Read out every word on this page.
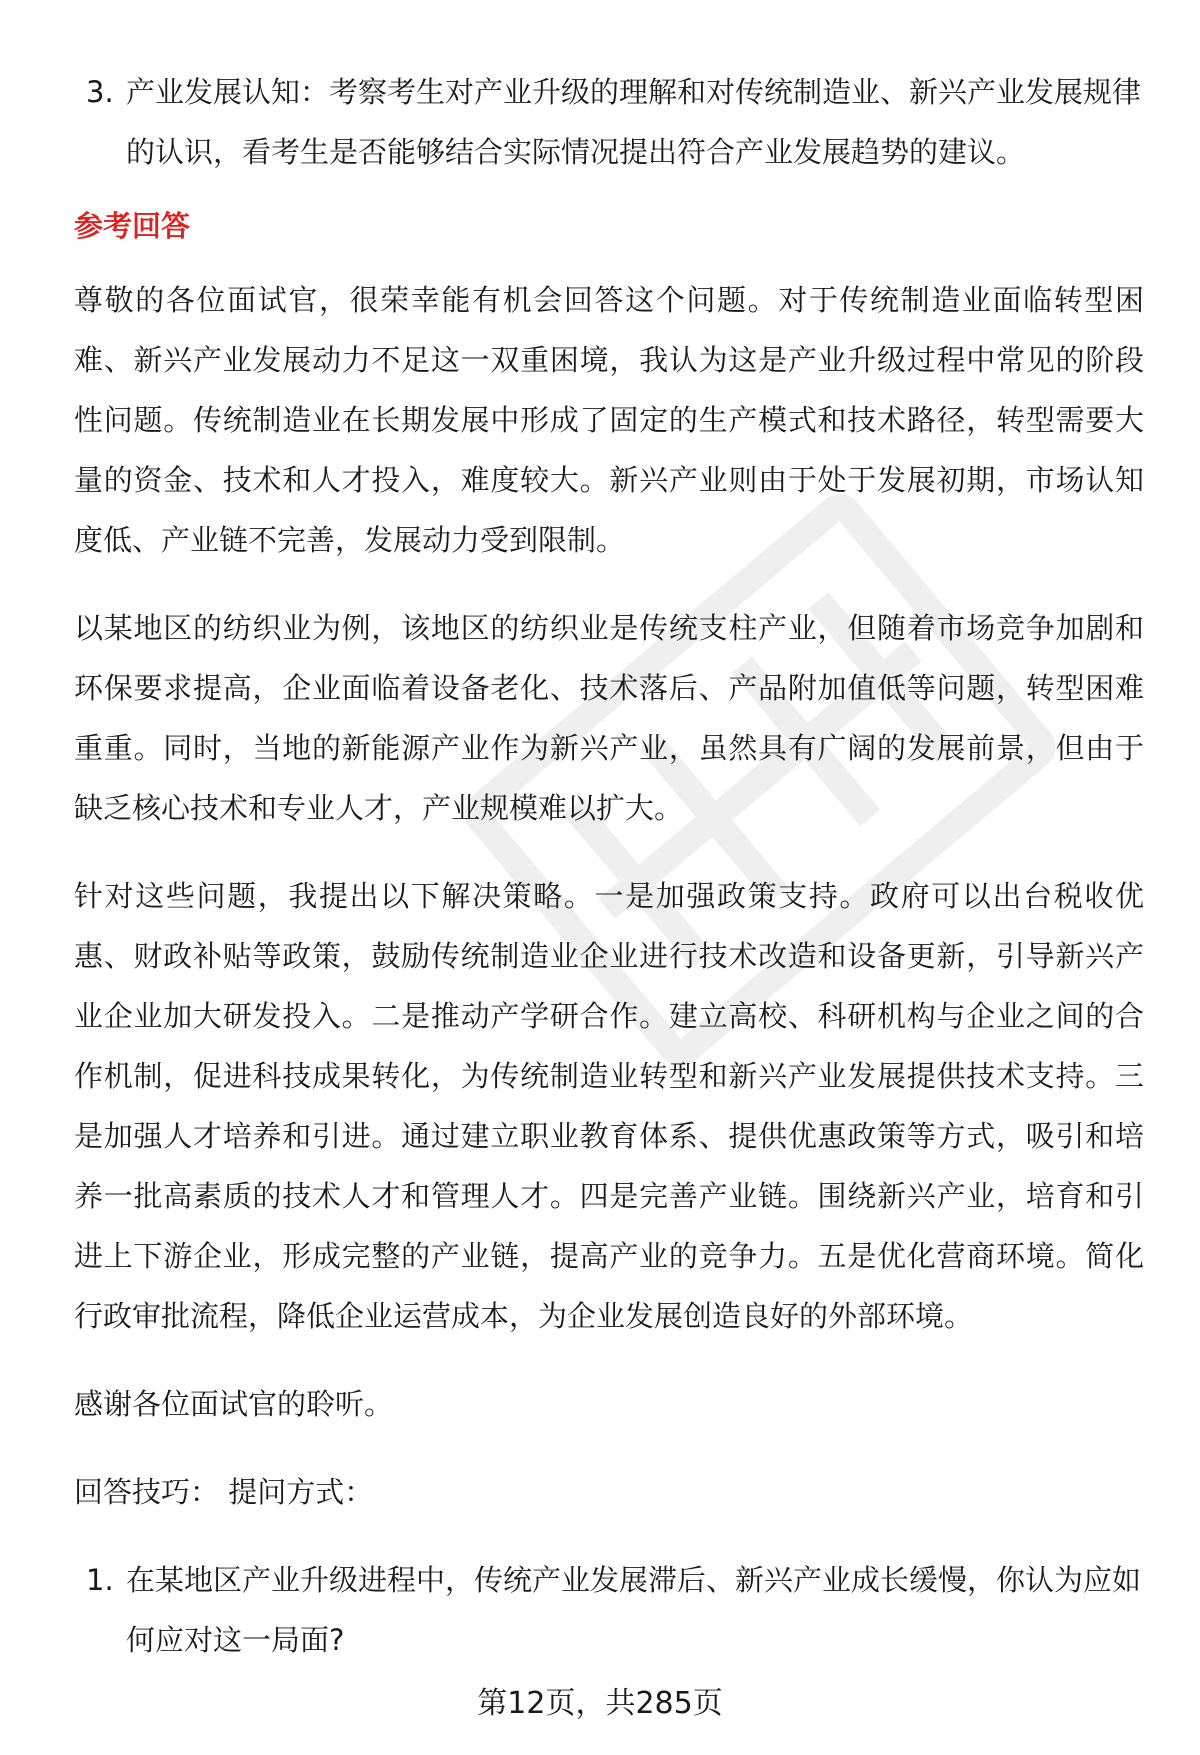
3. 产业发展认知：考察考生对产业升级的理解和对传统制造业、新兴产业发展规律的认识，看考生是否能够结合实际情况提出符合产业发展趋势的建议。

参考回答

尊敬的各位面试官，很荣幸能有机会回答这个问题。对于传统制造业面临转型困难、新兴产业发展动力不足这一双重困境，我认为这是产业升级过程中常见的阶段性问题。传统制造业在长期发展中形成了固定的生产模式和技术路径，转型需要大量的资金、技术和人才投入，难度较大。新兴产业则由于处于发展初期，市场认知度低、产业链不完善，发展动力受到限制。

以某地区的纺织业为例，该地区的纺织业是传统支柱产业，但随着市场竞争加剧和环保要求提高，企业面临着设备老化、技术落后、产品附加值低等问题，转型困难重重。同时，当地的新能源产业作为新兴产业，虽然具有广阔的发展前景，但由于缺乏核心技术和专业人才，产业规模难以扩大。

针对这些问题，我提出以下解决策略。一是加强政策支持。政府可以出台税收优惠、财政补贴等政策，鼓励传统制造业企业进行技术改造和设备更新，引导新兴产业企业加大研发投入。二是推动产学研合作。建立高校、科研机构与企业之间的合作机制，促进科技成果转化，为传统制造业转型和新兴产业发展提供技术支持。三是加强人才培养和引进。通过建立职业教育体系、提供优惠政策等方式，吸引和培养一批高素质的技术人才和管理人才。四是完善产业链。围绕新兴产业，培育和引进上下游企业，形成完整的产业链，提高产业的竞争力。五是优化营商环境。简化行政审批流程，降低企业运营成本，为企业发展创造良好的外部环境。

感谢各位面试官的聆听。

回答技巧： 提问方式：

1. 在某地区产业升级进程中，传统产业发展滞后、新兴产业成长缓慢，你认为应如何应对这一局面?

第12页，共285页
